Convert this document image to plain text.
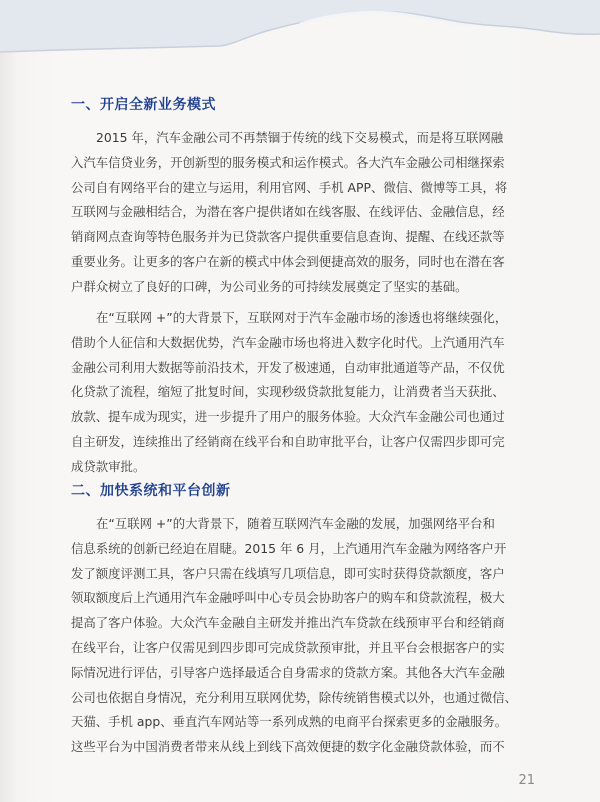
一、开启全新业务模式
2015 年，汽车金融公司不再禁锢于传统的线下交易模式，而是将互联网融
入汽车信贷业务，开创新型的服务模式和运作模式。各大汽车金融公司相继探索
公司自有网络平台的建立与运用，利用官网、手机 APP、微信、微博等工具，将
互联网与金融相结合，为潜在客户提供诸如在线客服、在线评估、金融信息，经
销商网点查询等特色服务并为已贷款客户提供重要信息查询、提醒、在线还款等
重要业务。让更多的客户在新的模式中体会到便捷高效的服务，同时也在潜在客
户群众树立了良好的口碑，为公司业务的可持续发展奠定了坚实的基础。
在“互联网 +”的大背景下，互联网对于汽车金融市场的渗透也将继续强化，
借助个人征信和大数据优势，汽车金融市场也将进入数字化时代。上汽通用汽车
金融公司利用大数据等前沿技术，开发了极速通，自动审批通道等产品，不仅优
化贷款了流程，缩短了批复时间，实现秒级贷款批复能力，让消费者当天获批、
放款、提车成为现实，进一步提升了用户的服务体验。大众汽车金融公司也通过
自主研发，连续推出了经销商在线平台和自助审批平台，让客户仅需四步即可完
成贷款审批。
二、加快系统和平台创新
在“互联网 +”的大背景下，随着互联网汽车金融的发展，加强网络平台和
信息系统的创新已经迫在眉睫。2015 年 6 月，上汽通用汽车金融为网络客户开
发了额度评测工具，客户只需在线填写几项信息，即可实时获得贷款额度，客户
领取额度后上汽通用汽车金融呼叫中心专员会协助客户的购车和贷款流程，极大
提高了客户体验。大众汽车金融自主研发并推出汽车贷款在线预审平台和经销商
在线平台，让客户仅需见到四步即可完成贷款预审批，并且平台会根据客户的实
际情况进行评估，引导客户选择最适合自身需求的贷款方案。其他各大汽车金融
公司也依据自身情况，充分利用互联网优势，除传统销售模式以外，也通过微信、
天猫、手机 app、垂直汽车网站等一系列成熟的电商平台探索更多的金融服务。
这些平台为中国消费者带来从线上到线下高效便捷的数字化金融贷款体验，而不
21
